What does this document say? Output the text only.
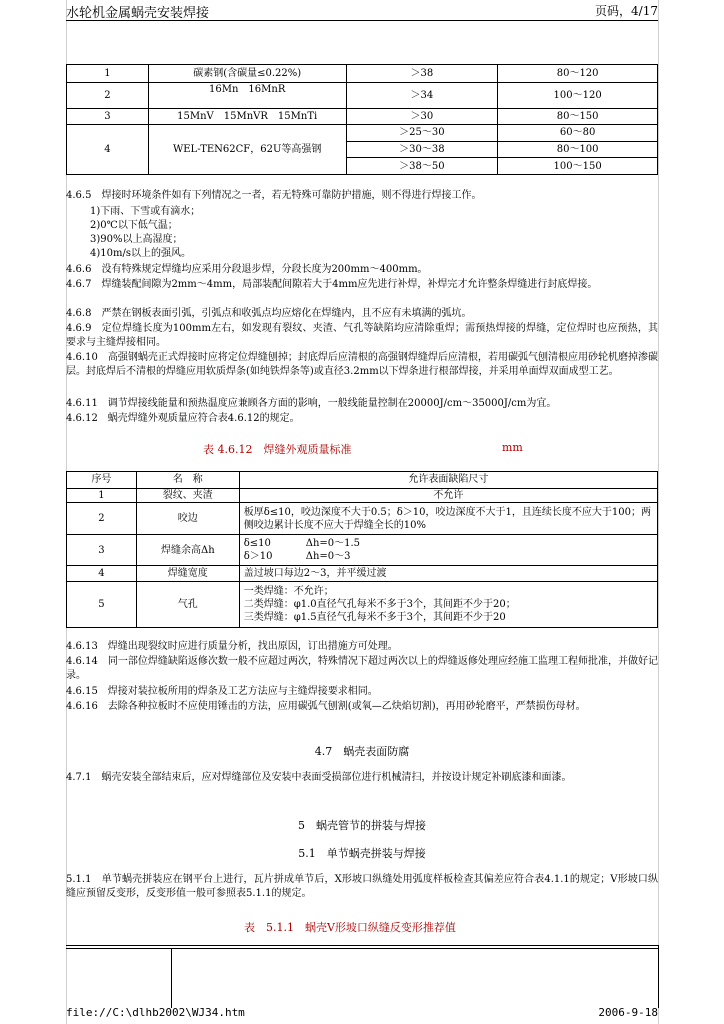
水轮机金属蜗壳安装焊接	页码，4/17
1	碳素钢(含碳量≤0.22%)	＞38	80～120
2	16Mn　16MnR	＞34	100～120
3	15MnV　15MnVR　15MnTi	＞30	80～150
4	WEL-TEN62CF，62U等高强钢	＞25～30	60～80
		＞30～38	80～100
		＞38～50	100～150
4.6.5　焊接时环境条件如有下列情况之一者，若无特殊可靠防护措施，则不得进行焊接工作。
1)下雨、下雪或有滴水；
2)0℃以下低气温；
3)90%以上高湿度；
4)10m/s以上的强风。
4.6.6　没有特殊规定焊缝均应采用分段退步焊，分段长度为200mm～400mm。
4.6.7　焊缝装配间隙为2mm～4mm，局部装配间隙若大于4mm应先进行补焊，补焊完才允许整条焊缝进行封底焊接。
4.6.8　严禁在钢板表面引弧，引弧点和收弧点均应熔化在焊缝内，且不应有未填满的弧坑。
4.6.9　定位焊缝长度为100mm左右，如发现有裂纹、夹渣、气孔等缺陷均应清除重焊；需预热焊接的焊缝，定位焊时也应预热，其要求与主缝焊接相同。
4.6.10　高强钢蜗壳正式焊接时应将定位焊缝刨掉；封底焊后应清根的高强钢焊缝焊后应清根，若用碳弧气刨清根应用砂轮机磨掉渗碳层。封底焊后不清根的焊缝应用软质焊条(如纯铁焊条等)或直径3.2mm以下焊条进行根部焊接，并采用单面焊双面成型工艺。
4.6.11　调节焊接线能量和预热温度应兼顾各方面的影响，一般线能量控制在20000J/cm～35000J/cm为宜。
4.6.12　蜗壳焊缝外观质量应符合表4.6.12的规定。
表 4.6.12　焊缝外观质量标准	mm
序号	名　称	允许表面缺陷尺寸
1	裂纹、夹渣	不允许
2	咬边	板厚δ≤10，咬边深度不大于0.5；δ＞10，咬边深度不大于1，且连续长度不应大于100；两侧咬边累计长度不应大于焊缝全长的10%
3	焊缝余高Δh	δ≤10 Δh=0～1.5
δ＞10 Δh=0～3

4	焊缝宽度	盖过坡口每边2～3，并平缓过渡
5	气孔	一类焊缝：不允许；
二类焊缝：φ1.0直径气孔每米不多于3个，其间距不少于20；
三类焊缝：φ1.5直径气孔每米不多于3个，其间距不少于20
4.6.13　焊缝出现裂纹时应进行质量分析，找出原因，订出措施方可处理。
4.6.14　同一部位焊缝缺陷返修次数一般不应超过两次，特殊情况下超过两次以上的焊缝返修处理应经施工监理工程师批准，并做好记录。
4.6.15　焊接对装拉板所用的焊条及工艺方法应与主缝焊接要求相同。
4.6.16　去除各种拉板时不应使用锤击的方法，应用碳弧气刨割(或氧—乙炔焰切割)，再用砂轮磨平，严禁损伤母材。
4.7　蜗壳表面防腐
4.7.1　蜗壳安装全部结束后，应对焊缝部位及安装中表面受损部位进行机械清扫，并按设计规定补刷底漆和面漆。
5　蜗壳管节的拼装与焊接
5.1　单节蜗壳拼装与焊接
5.1.1　单节蜗壳拼装应在钢平台上进行，瓦片拼成单节后，X形坡口纵缝处用弧度样板检查其偏差应符合表4.1.1的规定；V形坡口纵缝应预留反变形，反变形值一般可参照表5.1.1的规定。
表　5.1.1　蜗壳V形坡口纵缝反变形推荐值
file://C:\dlhb2002\WJ34.htm	2006-9-18
